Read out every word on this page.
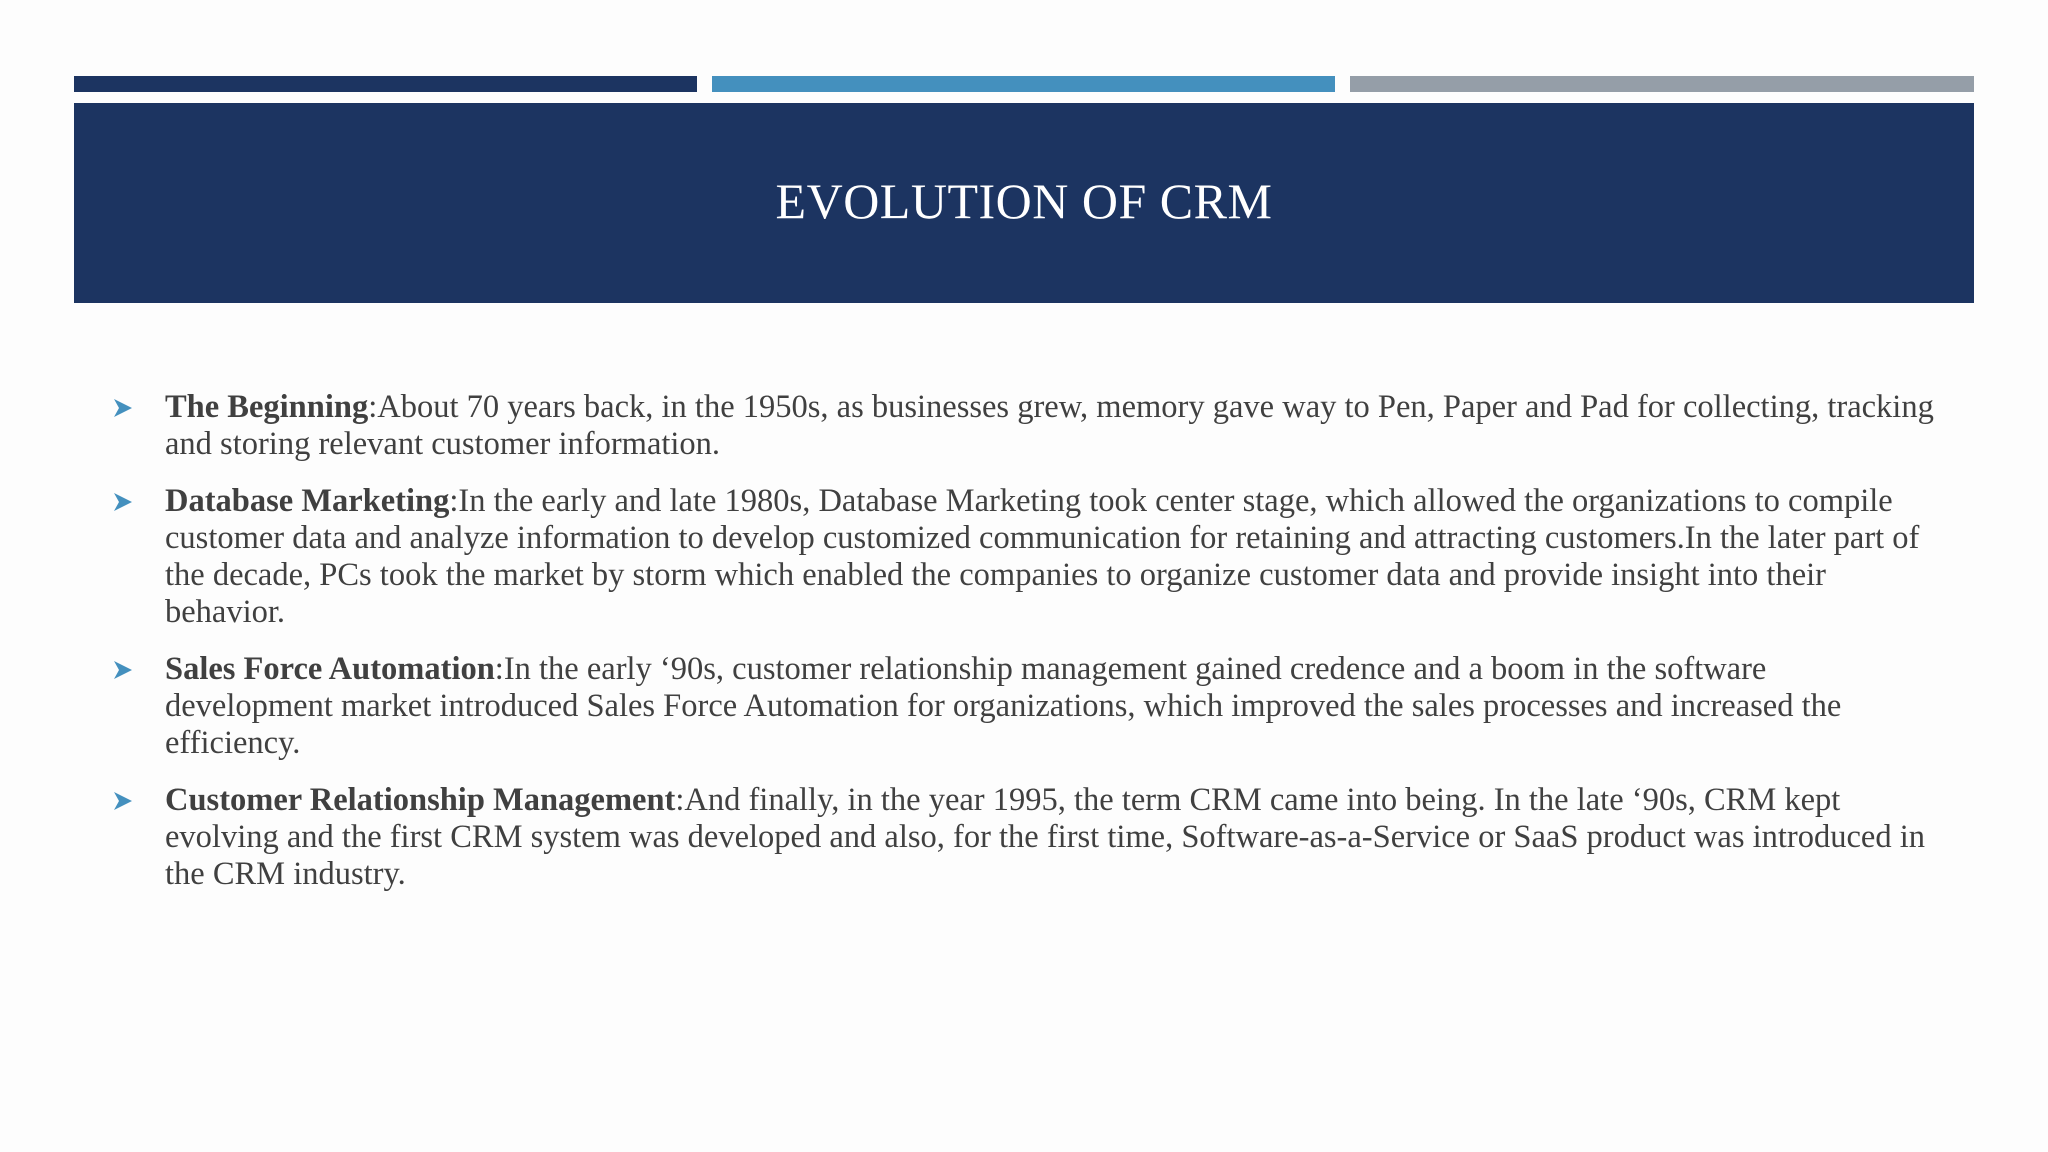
EVOLUTION OF CRM
The Beginning:About 70 years back, in the 1950s, as businesses grew, memory gave way to Pen, Paper and Pad for collecting, tracking and storing relevant customer information.
Database Marketing:In the early and late 1980s, Database Marketing took center stage, which allowed the organizations to compile customer data and analyze information to develop customized communication for retaining and attracting customers.In the later part of the decade, PCs took the market by storm which enabled the companies to organize customer data and provide insight into their behavior.
Sales Force Automation:In the early ‘90s, customer relationship management gained credence and a boom in the software development market introduced Sales Force Automation for organizations, which improved the sales processes and increased the efficiency.
Customer Relationship Management:And finally, in the year 1995, the term CRM came into being. In the late ‘90s, CRM kept evolving and the first CRM system was developed and also, for the first time, Software-as-a-Service or SaaS product was introduced in the CRM industry.
